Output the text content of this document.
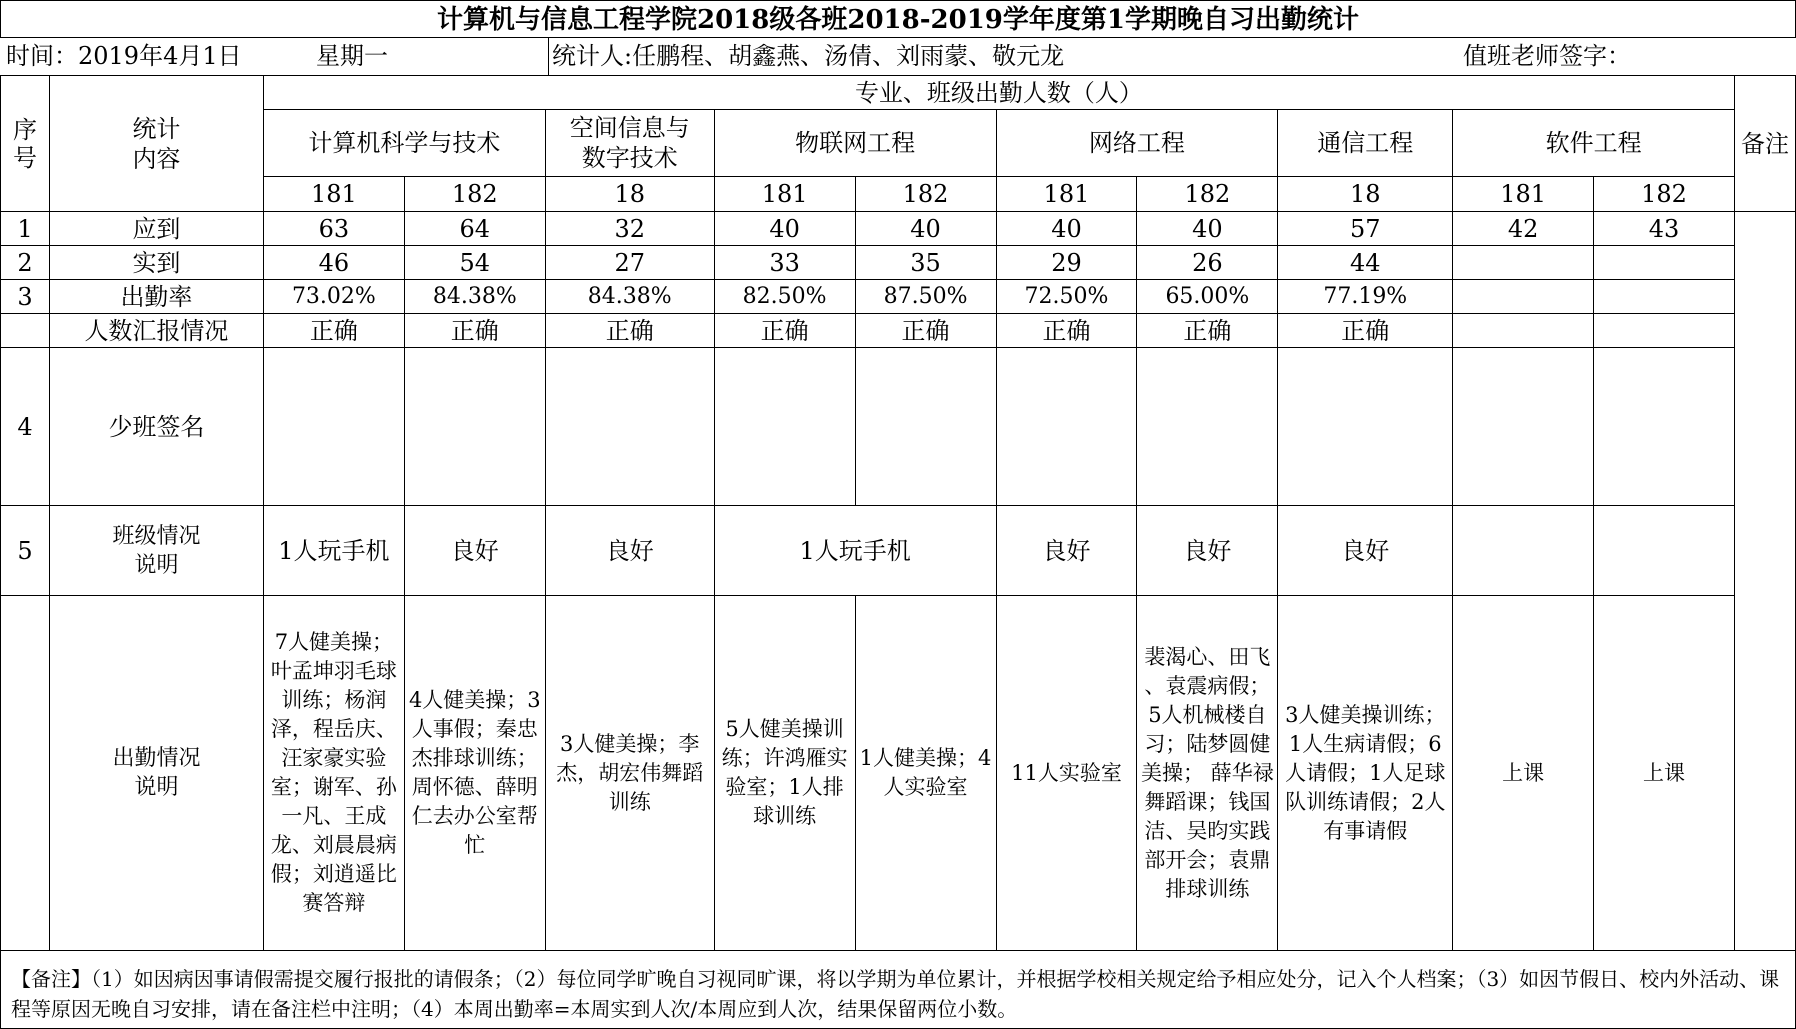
计算机与信息工程学院2018级各班2018-2019学年度第1学期晚自习出勤统计
时间：2019年4月1日	星期一	统计人:任鹏程、胡鑫燕、汤倩、刘雨蒙、敬元龙	值班老师签字：
序号	统计内容	专业、班级出勤人数（人）										备注
		计算机科学与技术		空间信息与数字技术	物联网工程		网络工程		通信工程	软件工程		
		181	182	18	181	182	181	182	18	181	182	
1	应到	63	64	32	40	40	40	40	57	42	43	
2	实到	46	54	27	33	35	29	26	44			
3	出勤率	73.02%	84.38%	84.38%	82.50%	87.50%	72.50%	65.00%	77.19%			
	人数汇报情况	正确	正确	正确	正确	正确	正确	正确	正确			
4	少班签名											
5	班级情况说明	1人玩手机	良好	良好	1人玩手机		良好	良好	良好			
	出勤情况说明	7人健美操；叶孟坤羽毛球训练；杨润泽，程岳庆、汪家豪实验室；谢军、孙一凡、王成龙、刘晨晨病假；刘逍遥比赛答辩	4人健美操；3人事假；秦忠杰排球训练；周怀德、薛明仁去办公室帮忙	3人健美操；李杰，胡宏伟舞蹈训练	5人健美操训练；许鸿雁实验室；1人排球训练	1人健美操；4人实验室	11人实验室	裴渴心、田飞 、袁震病假；5人机械楼自习；陆梦圆健美操； 薛华禄舞蹈课；钱国洁、吴昀实践部开会；袁鼎排球训练	3人健美操训练；1人生病请假；6人请假；1人足球队训练请假；2人有事请假	上课	上课	
【备注】（1）如因病因事请假需提交履行报批的请假条；（2）每位同学旷晚自习视同旷课，将以学期为单位累计，并根据学校相关规定给予相应处分，记入个人档案；（3）如因节假日、校内外活动、课程等原因无晚自习安排，请在备注栏中注明；（4）本周出勤率=本周实到人次/本周应到人次，结果保留两位小数。
